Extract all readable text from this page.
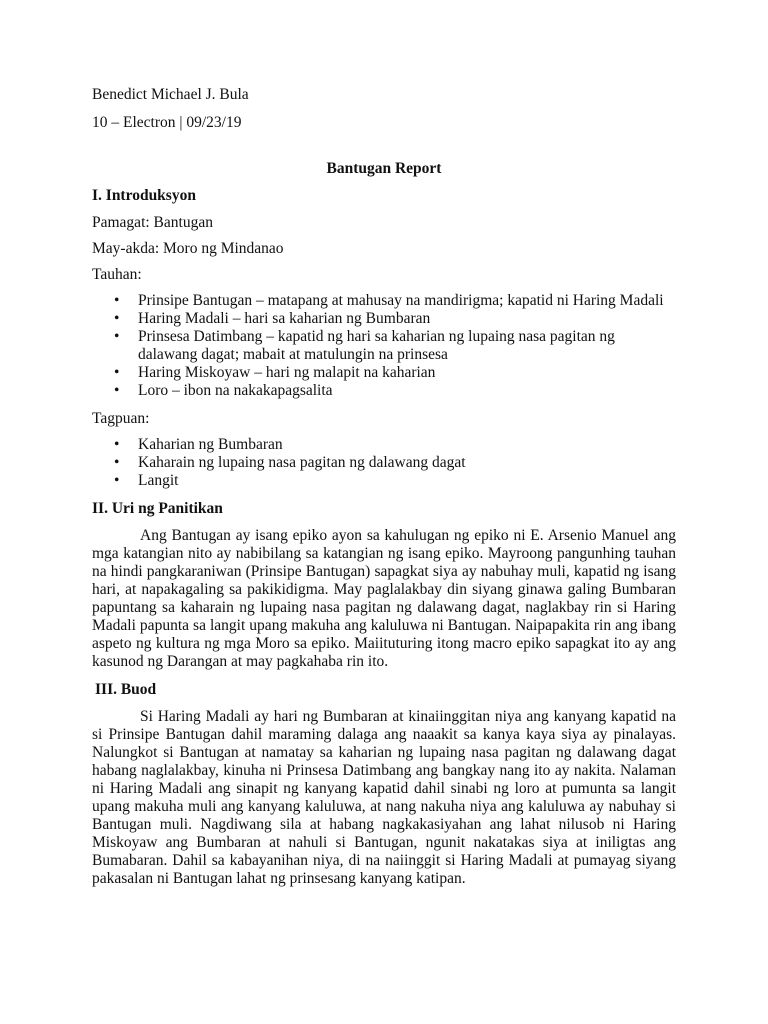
Benedict Michael J. Bula
10 – Electron | 09/23/19
Bantugan Report
I. Introduksyon
Pamagat: Bantugan
May-akda: Moro ng Mindanao
Tauhan:
• Prinsipe Bantugan – matapang at mahusay na mandirigma; kapatid ni Haring Madali
• Haring Madali – hari sa kaharian ng Bumbaran
• Prinsesa Datimbang – kapatid ng hari sa kaharian ng lupaing nasa pagitan ng dalawang dagat; mabait at matulungin na prinsesa
• Haring Miskoyaw – hari ng malapit na kaharian
• Loro – ibon na nakakapagsalita
Tagpuan:
• Kaharian ng Bumbaran
• Kaharain ng lupaing nasa pagitan ng dalawang dagat
• Langit
II. Uri ng Panitikan

Ang Bantugan ay isang epiko ayon sa kahulugan ng epiko ni E. Arsenio Manuel ang mga katangian nito ay nabibilang sa katangian ng isang epiko. Mayroong pangunhing tauhan na hindi pangkaraniwan (Prinsipe Bantugan) sapagkat siya ay nabuhay muli, kapatid ng isang hari, at napakagaling sa pakikidigma. May paglalakbay din siyang ginawa galing Bumbaran papuntang sa kaharain ng lupaing nasa pagitan ng dalawang dagat, naglakbay rin si Haring Madali papunta sa langit upang makuha ang kaluluwa ni Bantugan. Naipapakita rin ang ibang aspeto ng kultura ng mga Moro sa epiko. Maiituturing itong macro epiko sapagkat ito ay ang kasunod ng Darangan at may pagkahaba rin ito.

III. Buod

Si Haring Madali ay hari ng Bumbaran at kinaiinggitan niya ang kanyang kapatid na si Prinsipe Bantugan dahil maraming dalaga ang naaakit sa kanya kaya siya ay pinalayas. Nalungkot si Bantugan at namatay sa kaharian ng lupaing nasa pagitan ng dalawang dagat habang naglalakbay, kinuha ni Prinsesa Datimbang ang bangkay nang ito ay nakita. Nalaman ni Haring Madali ang sinapit ng kanyang kapatid dahil sinabi ng loro at pumunta sa langit upang makuha muli ang kanyang kaluluwa, at nang nakuha niya ang kaluluwa ay nabuhay si Bantugan muli. Nagdiwang sila at habang nagkakasiyahan ang lahat nilusob ni Haring Miskoyaw ang Bumbaran at nahuli si Bantugan, ngunit nakatakas siya at iniligtas ang Bumabaran. Dahil sa kabayanihan niya, di na naiinggit si Haring Madali at pumayag siyang pakasalan ni Bantugan lahat ng prinsesang kanyang katipan.
